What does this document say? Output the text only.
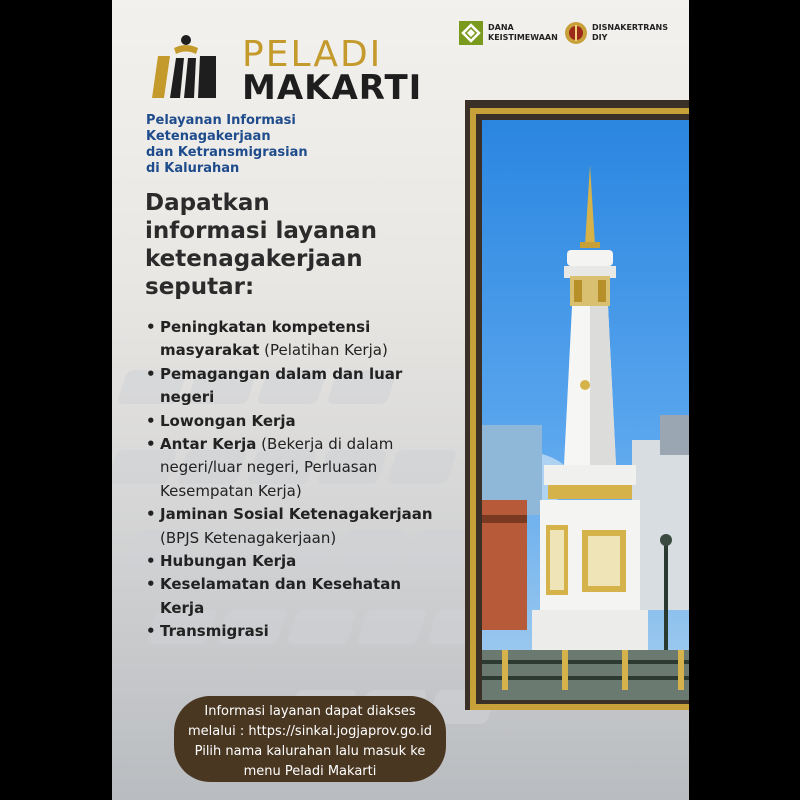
PELADI
MAKARTI
DANA
KEISTIMEWAAN
DISNAKERTRANS
DIY
Pelayanan Informasi
Ketenagakerjaan
dan Ketransmigrasian
di Kalurahan
Dapatkan
informasi layanan
ketenagakerjaan
seputar:
• Peningkatan kompetensi masyarakat (Pelatihan Kerja)
• Pemagangan dalam dan luar negeri
• Lowongan Kerja
• Antar Kerja (Bekerja di dalam negeri/luar negeri, Perluasan Kesempatan Kerja)
• Jaminan Sosial Ketenagakerjaan (BPJS Ketenagakerjaan)
• Hubungan Kerja
• Keselamatan dan Kesehatan Kerja
• Transmigrasi

Informasi layanan dapat diakses

melalui : https://sinkal.jogjaprov.go.id

Pilih nama kalurahan lalu masuk ke

menu Peladi Makarti
